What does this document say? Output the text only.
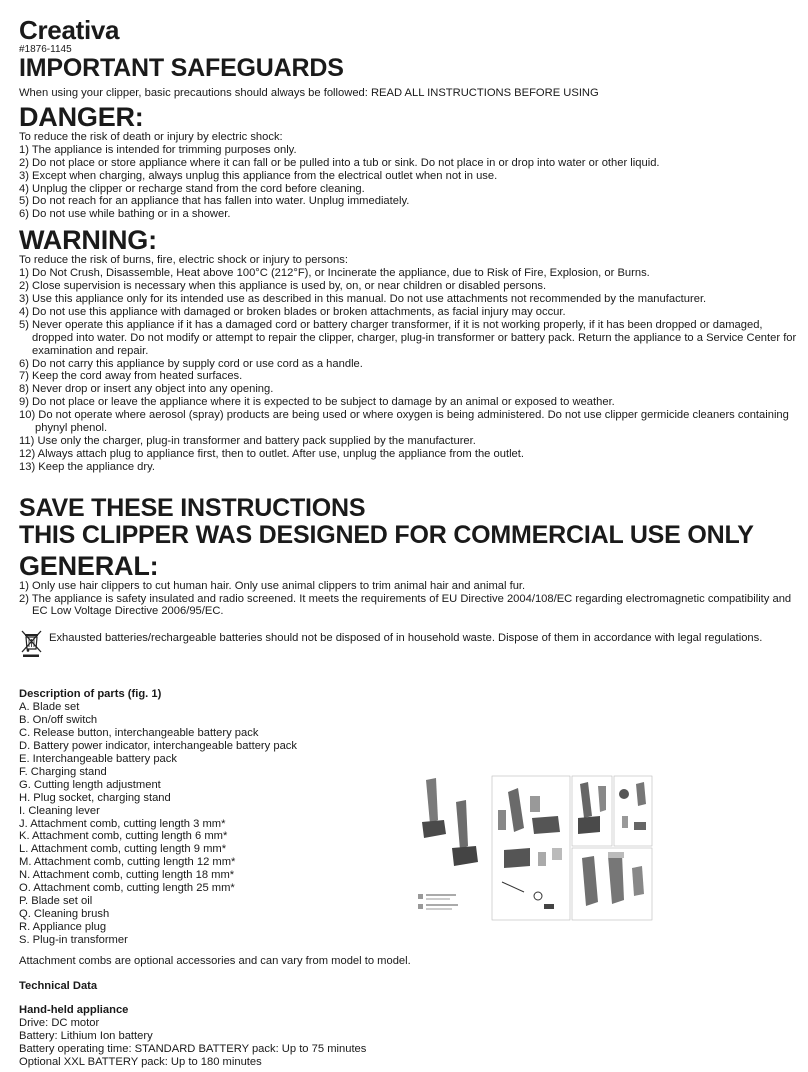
Creativa
#1876-1145
IMPORTANT SAFEGUARDS
When using your clipper, basic precautions should always be followed: READ ALL INSTRUCTIONS BEFORE USING
DANGER:
To reduce the risk of death or injury by electric shock:
1) The appliance is intended for trimming purposes only.
2) Do not place or store appliance where it can fall or be pulled into a tub or sink. Do not place in or drop into water or other liquid.
3) Except when charging, always unplug this appliance from the electrical outlet when not in use.
4) Unplug the clipper or recharge stand from the cord before cleaning.
5) Do not reach for an appliance that has fallen into water. Unplug immediately.
6) Do not use while bathing or in a shower.
WARNING:
To reduce the risk of burns, fire, electric shock or injury to persons:
1) Do Not Crush, Disassemble, Heat above 100°C (212°F), or Incinerate the appliance, due to Risk of Fire, Explosion, or Burns.
2) Close supervision is necessary when this appliance is used by, on, or near children or disabled persons.
3) Use this appliance only for its intended use as described in this manual. Do not use attachments not recommended by the manufacturer.
4) Do not use this appliance with damaged or broken blades or broken attachments, as facial injury may occur.
5) Never operate this appliance if it has a damaged cord or battery charger transformer, if it is not working properly, if it has been dropped or damaged, dropped into water. Do not modify or attempt to repair the clipper, charger, plug-in transformer or battery pack. Return the appliance to a Service Center for examination and repair.
6) Do not carry this appliance by supply cord or use cord as a handle.
7) Keep the cord away from heated surfaces.
8) Never drop or insert any object into any opening.
9) Do not place or leave the appliance where it is expected to be subject to damage by an animal or exposed to weather.
10) Do not operate where aerosol (spray) products are being used or where oxygen is being administered. Do not use clipper germicide cleaners containing phynyl phenol.
11) Use only the charger, plug-in transformer and battery pack supplied by the manufacturer.
12) Always attach plug to appliance first, then to outlet. After use, unplug the appliance from the outlet.
13) Keep the appliance dry.
SAVE THESE INSTRUCTIONS
THIS CLIPPER WAS DESIGNED FOR COMMERCIAL USE ONLY
GENERAL:
1) Only use hair clippers to cut human hair. Only use animal clippers to trim animal hair and animal fur.
2) The appliance is safety insulated and radio screened. It meets the requirements of EU Directive 2004/108/EC regarding electromagnetic compatibility and EC Low Voltage Directive 2006/95/EC.
Exhausted batteries/rechargeable batteries should not be disposed of in household waste. Dispose of them in accordance with legal regulations.
Description of parts (fig. 1)
A. Blade set
B. On/off switch
C. Release button, interchangeable battery pack
D. Battery power indicator, interchangeable battery pack
E. Interchangeable battery pack
F. Charging stand
G. Cutting length adjustment
H. Plug socket, charging stand
I. Cleaning lever
J. Attachment comb, cutting length 3 mm*
K. Attachment comb, cutting length 6 mm*
L. Attachment comb, cutting length 9 mm*
M. Attachment comb, cutting length 12 mm*
N. Attachment comb, cutting length 18 mm*
O. Attachment comb, cutting length 25 mm*
P. Blade set oil
Q. Cleaning brush
R. Appliance plug
S. Plug-in transformer
Attachment combs are optional accessories and can vary from model to model.
Technical Data
Hand-held appliance
Drive: DC motor
Battery: Lithium Ion battery
Battery operating time: STANDARD BATTERY pack: Up to 75 minutes
Optional XXL BATTERY pack: Up to 180 minutes
